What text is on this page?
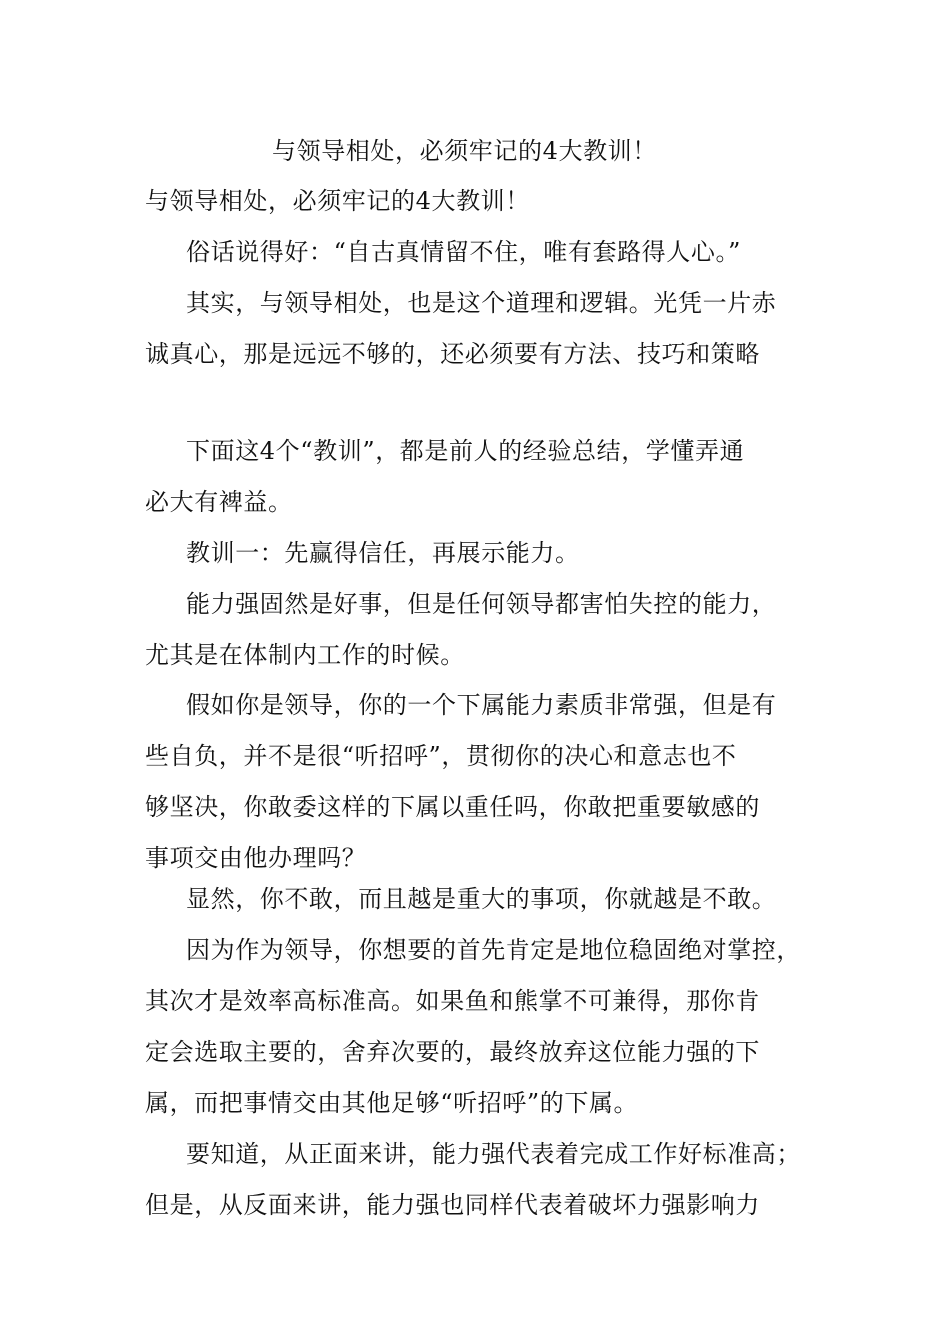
与领导相处，必须牢记的4大教训！
与领导相处，必须牢记的4大教训！
俗话说得好：“自古真情留不住，唯有套路得人心。”
其实，与领导相处，也是这个道理和逻辑。光凭一片赤
诚真心，那是远远不够的，还必须要有方法、技巧和策略
下面这4个“教训”，都是前人的经验总结，学懂弄通
必大有裨益。
教训一：先赢得信任，再展示能力。
能力强固然是好事，但是任何领导都害怕失控的能力，
尤其是在体制内工作的时候。
假如你是领导，你的一个下属能力素质非常强，但是有
些自负，并不是很“听招呼”，贯彻你的决心和意志也不
够坚决，你敢委这样的下属以重任吗，你敢把重要敏感的
事项交由他办理吗？
显然，你不敢，而且越是重大的事项，你就越是不敢。
因为作为领导，你想要的首先肯定是地位稳固绝对掌控，
其次才是效率高标准高。如果鱼和熊掌不可兼得，那你肯
定会选取主要的，舍弃次要的，最终放弃这位能力强的下
属，而把事情交由其他足够“听招呼”的下属。
要知道，从正面来讲，能力强代表着完成工作好标准高；
但是，从反面来讲，能力强也同样代表着破坏力强影响力
